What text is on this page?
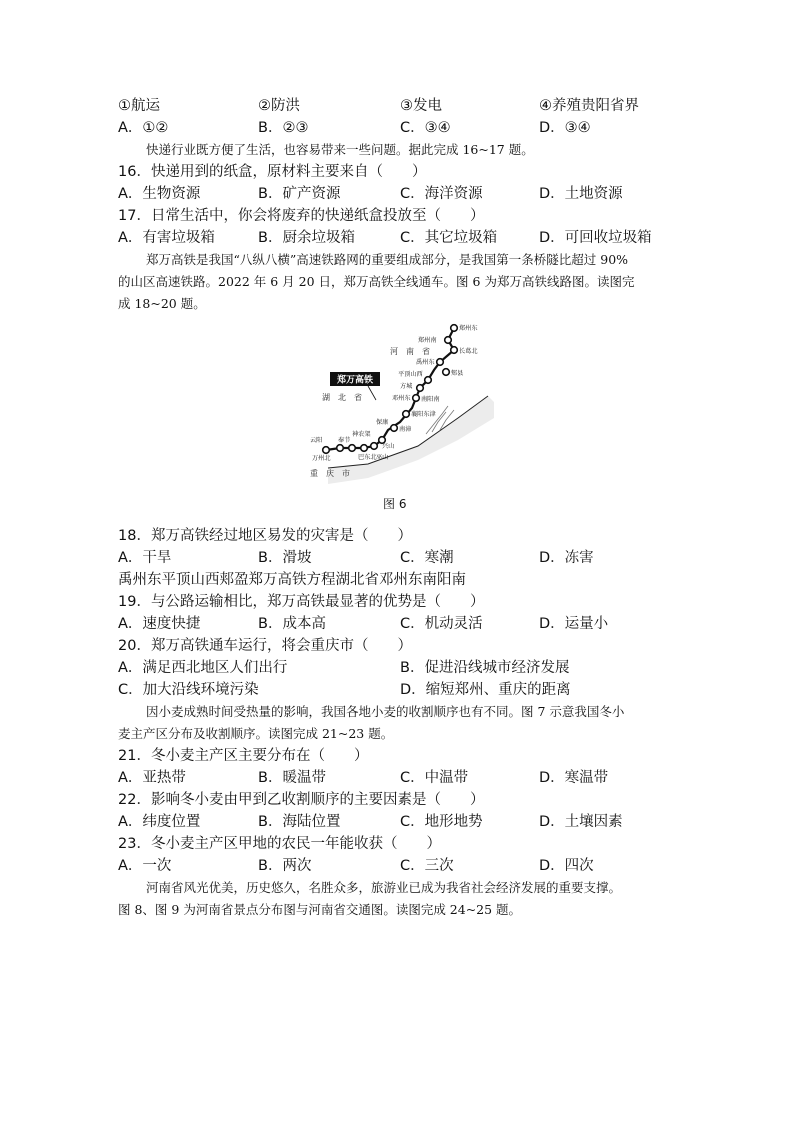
①航运	②防洪	③发电	④养殖贵阳省界
A．①②	B．②③	C．③④	D．③④
快递行业既方便了生活，也容易带来一些问题。据此完成 16~17 题。
16．快递用到的纸盒，原材料主要来自（　　）
A．生物资源	B．矿产资源	C．海洋资源	D．土地资源
17．日常生活中，你会将废弃的快递纸盒投放至（　　）
A．有害垃圾箱	B．厨余垃圾箱	C．其它垃圾箱	D．可回收垃圾箱
郑万高铁是我国“八纵八横”高速铁路网的重要组成部分，是我国第一条桥隧比超过 90%
的山区高速铁路。2022 年 6 月 20 日，郑万高铁全线通车。图 6 为郑万高铁线路图。读图完
成 18~20 题。
郑万高铁
河　南　省
湖　北　省
重　庆　市
郑州东
郑州南
长葛北
禹州东
郏县
平顶山西
方城
南阳南
邓州东
襄阳东津
保康
南漳
兴山
神农架
巴东北 巫山
奉节
云阳
万州北
图 6
18．郑万高铁经过地区易发的灾害是（　　）
A．干旱	B．滑坡	C．寒潮	D．冻害
禹州东平顶山西郏盈郑万高铁方程湖北省邓州东南阳南
19．与公路运输相比，郑万高铁最显著的优势是（　　）
A．速度快捷	B．成本高	C．机动灵活	D．运量小
20．郑万高铁通车运行，将会重庆市（　　）
A．满足西北地区人们出行	B．促进沿线城市经济发展
C．加大沿线环境污染	D．缩短郑州、重庆的距离
因小麦成熟时间受热量的影响，我国各地小麦的收割顺序也有不同。图 7 示意我国冬小
麦主产区分布及收割顺序。读图完成 21~23 题。
21．冬小麦主产区主要分布在（　　）
A．亚热带	B．暖温带	C．中温带	D．寒温带
22．影响冬小麦由甲到乙收割顺序的主要因素是（　　）
A．纬度位置	B．海陆位置	C．地形地势	D．土壤因素
23．冬小麦主产区甲地的农民一年能收获（　　）
A．一次	B．两次	C．三次	D．四次
河南省风光优美，历史悠久，名胜众多，旅游业已成为我省社会经济发展的重要支撑。
图 8、图 9 为河南省景点分布图与河南省交通图。读图完成 24~25 题。
